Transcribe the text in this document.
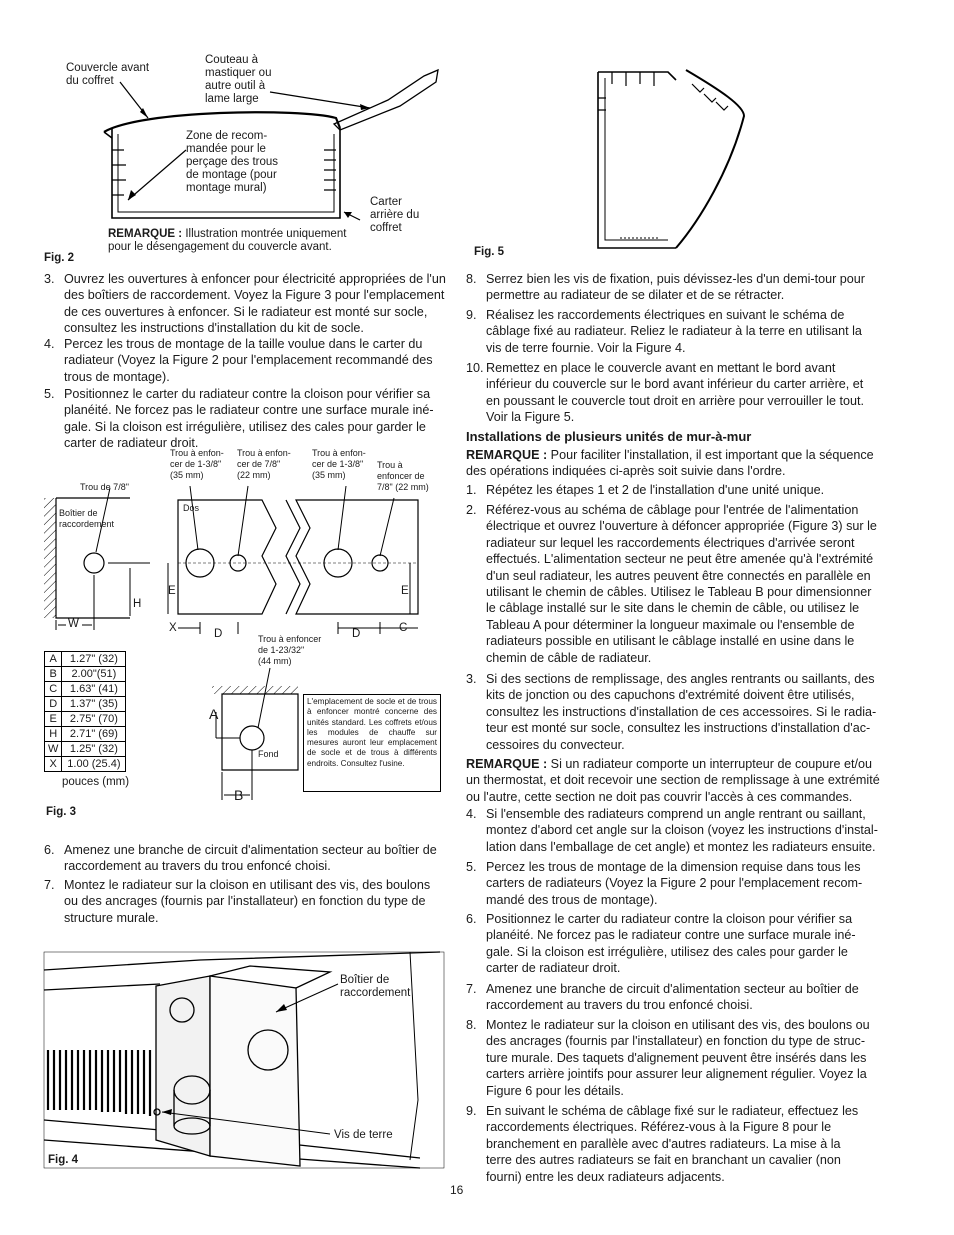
Couvercle avant
du coffret
Couteau à
mastiquer ou
autre outil à
lame large
Zone de recom-
mandée pour le
perçage des trous
de montage (pour
montage mural)
Carter
arrière du
coffret
REMARQUE : Illustration montrée uniquement
pour le désengagement du couvercle avant.
Fig. 2	Fig. 5
3. Ouvrez les ouvertures à enfoncer pour électricité appropriées de l'un
des boîtiers de raccordement. Voyez la Figure 3 pour l'emplacement
de ces ouvertures à enfoncer. Si le radiateur est monté sur socle,
consultez les instructions d'installation du kit de socle.
4. Percez les trous de montage de la taille voulue dans le carter du
radiateur (Voyez la Figure 2 pour l'emplacement recommandé des
trous de montage).
5. Positionnez le carter du radiateur contre la cloison pour vérifier sa
planéité. Ne forcez pas le radiateur contre une surface murale iné-
gale. Si la cloison est irrégulière, utilisez des cales pour garder le
carter de radiateur droit.
Trou de 7/8"
Boîtier de
raccordement
Dos
Trou à enfon-
cer de 1-3/8"
(35 mm)
Trou à enfon-
cer de 7/8"
(22 mm)
Trou à enfon-
cer de 1-3/8"
(35 mm)
Trou à
enfoncer de
7/8" (22 mm)
Trou à enfoncer
de 1-23/32"
(44 mm)
Fond
W
H
X	D	D
E	E
C
A
B
A	1.27" (32)
B	2.00"(51)
C	1.63" (41)
D	1.37" (35)
E	2.75" (70)
H	2.71" (69)
W	1.25" (32)
X	1.00 (25.4)
pouces (mm)
L'emplacement de socle et de trous à enfoncer montré concerne des unités standard. Les coffrets et/ous les modules de chauffe sur mesures auront leur emplacement de socle et de trous à différents endroits. Consultez l'usine.
Fig. 3
6. Amenez une branche de circuit d'alimentation secteur au boîtier de
raccordement au travers du trou enfoncé choisi.
7. Montez le radiateur sur la cloison en utilisant des vis, des boulons
ou des ancrages (fournis par l'installateur) en fonction du type de
structure murale.
Boîtier de
raccordement
Vis de terre
Fig. 4
8. Serrez bien les vis de fixation, puis dévissez-les d'un demi-tour pour
permettre au radiateur de se dilater et de se rétracter.
9. Réalisez les raccordements électriques en suivant le schéma de
câblage fixé au radiateur. Reliez le radiateur à la terre en utilisant la
vis de terre fournie. Voir la Figure 4.
10. Remettez en place le couvercle avant en mettant le bord avant
inférieur du couvercle sur le bord avant inférieur du carter arrière, et
en poussant le couvercle tout droit en arrière pour verrouiller le tout.
Voir la Figure 5.
Installations de plusieurs unités de mur-à-mur
REMARQUE : Pour faciliter l'installation, il est important que la séquence
des opérations indiquées ci-après soit suivie dans l'ordre.
1. Répétez les étapes 1 et 2 de l'installation d'une unité unique.
2. Référez-vous au schéma de câblage pour l'entrée de l'alimentation
électrique et ouvrez l'ouverture à défoncer appropriée (Figure 3) sur le
radiateur sur lequel les raccordements électriques d'arrivée seront
effectués. L'alimentation secteur ne peut être amenée qu'à l'extrémité
d'un seul radiateur, les autres peuvent être connectés en parallèle en
utilisant le chemin de câbles. Utilisez le Tableau B pour dimensionner
le câblage installé sur le site dans le chemin de câble, ou utilisez le
Tableau A pour déterminer la longueur maximale ou l'ensemble de
radiateurs possible en utilisant le câblage installé en usine dans le
chemin de câble de radiateur.
3. Si des sections de remplissage, des angles rentrants ou saillants, des
kits de jonction ou des capuchons d'extrémité doivent être utilisés,
consultez les instructions d'installation de ces accessoires. Si le radia-
teur est monté sur socle, consultez les instructions d'installation d'ac-
cessoires du convecteur.
REMARQUE : Si un radiateur comporte un interrupteur de coupure et/ou
un thermostat, et doit recevoir une section de remplissage à une extrémité
ou l'autre, cette section ne doit pas couvrir l'accès à ces commandes.
4. Si l'ensemble des radiateurs comprend un angle rentrant ou saillant,
montez d'abord cet angle sur la cloison (voyez les instructions d'instal-
lation dans l'emballage de cet angle) et montez les radiateurs ensuite.
5. Percez les trous de montage de la dimension requise dans tous les
carters de radiateurs (Voyez la Figure 2 pour l'emplacement recom-
mandé des trous de montage).
6. Positionnez le carter du radiateur contre la cloison pour vérifier sa
planéité. Ne forcez pas le radiateur contre une surface murale iné-
gale. Si la cloison est irrégulière, utilisez des cales pour garder le
carter de radiateur droit.
7. Amenez une branche de circuit d'alimentation secteur au boîtier de
raccordement au travers du trou enfoncé choisi.
8. Montez le radiateur sur la cloison en utilisant des vis, des boulons ou
des ancrages (fournis par l'installateur) en fonction du type de struc-
ture murale. Des taquets d'alignement peuvent être insérés dans les
carters arrière jointifs pour assurer leur alignement régulier. Voyez la
Figure 6 pour les détails.
9. En suivant le schéma de câblage fixé sur le radiateur, effectuez les
raccordements électriques. Référez-vous à la Figure 8 pour le
branchement en parallèle avec d'autres radiateurs. La mise à la
terre des autres radiateurs se fait en branchant un cavalier (non
fourni) entre les deux radiateurs adjacents.
16
